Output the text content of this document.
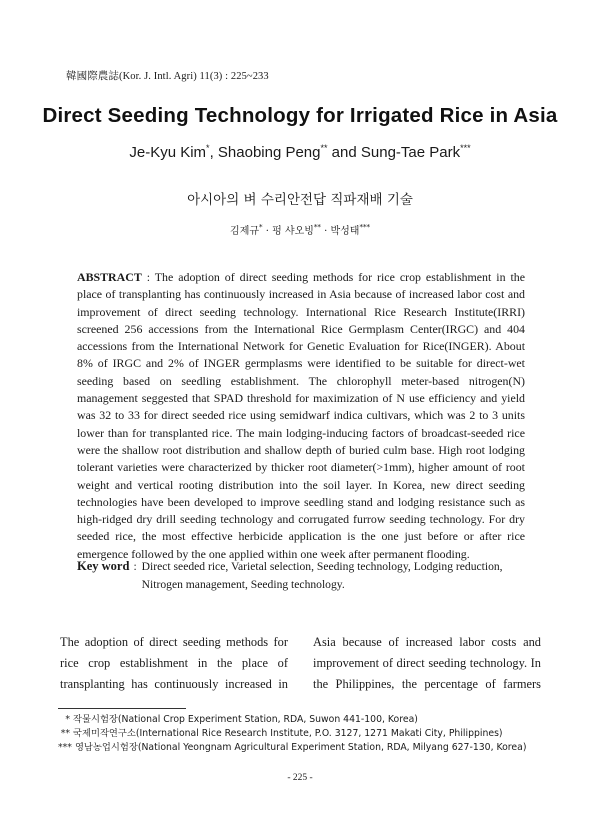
韓國際農誌(Kor. J. Intl. Agri) 11(3) : 225~233
Direct Seeding Technology for Irrigated Rice in Asia
Je-Kyu Kim*, Shaobing Peng** and Sung-Tae Park***
아시아의 벼 수리안전답 직파재배 기술
김제규* · 펑 샤오빙** · 박성태***
ABSTRACT : The adoption of direct seeding methods for rice crop establishment in the place of transplanting has continuously increased in Asia because of increased labor cost and improvement of direct seeding technology. International Rice Research Institute(IRRI) screened 256 accessions from the International Rice Germplasm Center(IRGC) and 404 accessions from the International Network for Genetic Evaluation for Rice(INGER). About 8% of IRGC and 2% of INGER germplasms were identified to be suitable for direct-wet seeding based on seedling establishment. The chlorophyll meter-based nitrogen(N) management seggested that SPAD threshold for maximization of N use efficiency and yield was 32 to 33 for direct seeded rice using semidwarf indica cultivars, which was 2 to 3 units lower than for transplanted rice. The main lodging-inducing factors of broadcast-seeded rice were the shallow root distribution and shallow depth of buried culm base. High root lodging tolerant varieties were characterized by thicker root diameter(>1mm), higher amount of root weight and vertical rooting distribution into the soil layer. In Korea, new direct seeding technologies have been developed to improve seedling stand and lodging resistance such as high-ridged dry drill seeding technology and corrugated furrow seeding technology. For dry seeded rice, the most effective herbicide application is the one just before or after rice emergence followed by the one applied within one week after permanent flooding.
Key word : Direct seeded rice, Varietal selection, Seeding technology, Lodging reduction, Nitrogen management, Seeding technology.
The adoption of direct seeding methods for
rice crop establishment in the place of
transplanting has continuously increased in
Asia because of increased labor costs and
improvement of direct seeding technology. In
the Philippines, the percentage of farmers
* 작물시험장(National Crop Experiment Station, RDA, Suwon 441-100, Korea)
** 국제미작연구소(International Rice Research Institute, P.O. 3127, 1271 Makati City, Philippines)
*** 영남농업시험장(National Yeongnam Agricultural Experiment Station, RDA, Milyang 627-130, Korea)
- 225 -
